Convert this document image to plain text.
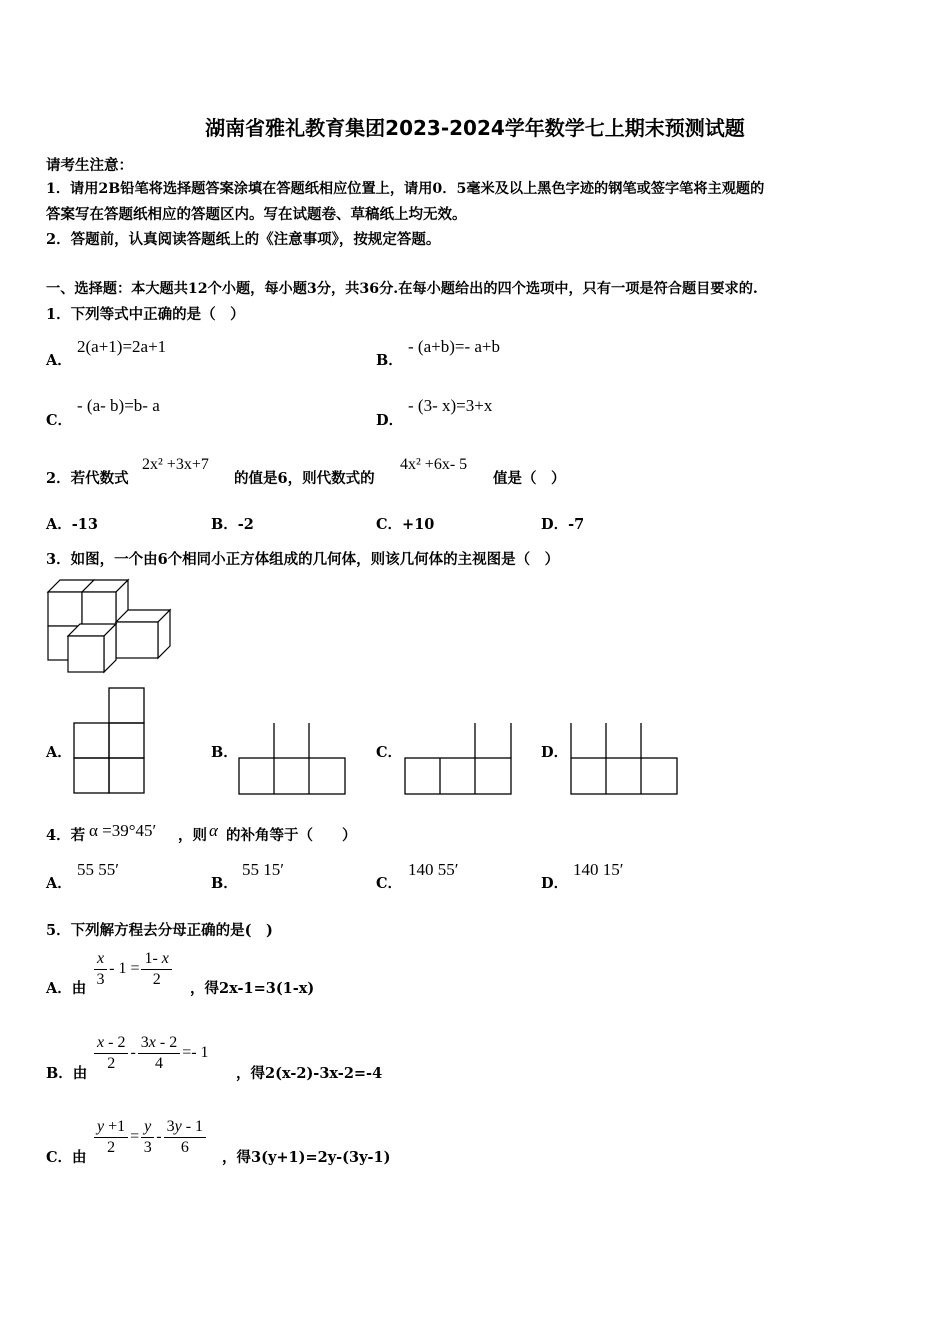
湖南省雅礼教育集团2023-2024学年数学七上期末预测试题
请考生注意：
1．请用2B铅笔将选择题答案涂填在答题纸相应位置上，请用0．5毫米及以上黑色字迹的钢笔或签字笔将主观题的
答案写在答题纸相应的答题区内。写在试题卷、草稿纸上均无效。
2．答题前，认真阅读答题纸上的《注意事项》，按规定答题。
一、选择题：本大题共12个小题，每小题3分，共36分.在每小题给出的四个选项中，只有一项是符合题目要求的.
1．下列等式中正确的是（　）
A．
2(a+1)=2a+1
B．
- (a+b)=- a+b
C．
- (a- b)=b- a
D．
- (3- x)=3+x
2．若代数式
2x² +3x+7
的值是6，则代数式的
4x² +6x- 5
值是（　）
A．-13	B．-2	C．+10	D．-7
3．如图，一个由6个相同小正方体组成的几何体，则该几何体的主视图是（　）
A．	B．	C．	D．
4．若 α =39°45′ ，则 α 的补角等于（　　）
A．
55 55′
B．
55 15′
C．
140 55′
D．
140 15′
5．下列解方程去分母正确的是(　)
A．由 $\frac{x}{3} - 1 = \frac{1- x}{2}$ ，得2x-1=3(1-x)
B．由
$\frac{x - 2}{2} - \frac{3x - 2}{4} =- 1$
，得2(x-2)-3x-2=-4
C．由
$\frac{y +1}{2} = \frac{y}{3} - \frac{3y - 1}{6}$
，得3(y+1)=2y-(3y-1)
